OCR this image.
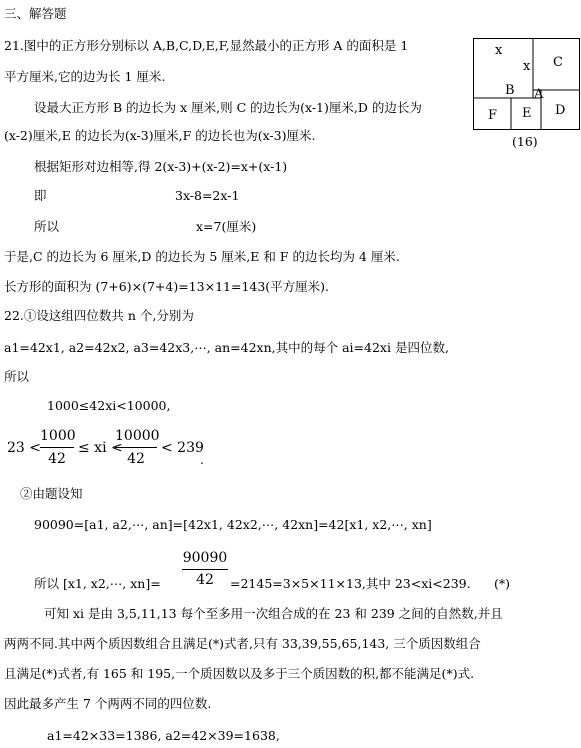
三、解答题
21.图中的正方形分别标以 A,B,C,D,E,F,显然最小的正方形 A 的面积是 1
平方厘米,它的边为长 1 厘米.
设最大正方形 B 的边长为 x 厘米,则 C 的边长为(x-1)厘米,D 的边长为
(x-2)厘米,E 的边长为(x-3)厘米,F 的边长也为(x-3)厘米.
根据矩形对边相等,得 2(x-3)+(x-2)=x+(x-1)
即	3x-8=2x-1
所以	x=7(厘米)
于是,C 的边长为 6 厘米,D 的边长为 5 厘米,E 和 F 的边长均为 4 厘米.
长方形的面积为 (7+6)×(7+4)=13×11=143(平方厘米).
x
x C
B A
F E D
(16)
22.①设这组四位数共 n 个,分别为
a1=42x1, a2=42x2, a3=42x3,⋯, an=42xn,其中的每个 ai=42xi 是四位数,
所以
1000≤42xi<10000,
23 <
1000
42
≤ xi <
10000
42
< 239
.
②由题设知
90090=[a1, a2,⋯, an]=[42x1, 42x2,⋯, 42xn]=42[x1, x2,⋯, xn]
90090
42
所以 [x1, x2,⋯, xn]=	=2145=3×5×11×13,其中 23<xi<239. (*)
可知 xi 是由 3,5,11,13 每个至多用一次组合成的在 23 和 239 之间的自然数,并且
两两不同.其中两个质因数组合且满足(*)式者,只有 33,39,55,65,143, 三个质因数组合
且满足(*)式者,有 165 和 195,一个质因数以及多于三个质因数的积,都不能满足(*)式.
因此最多产生 7 个两两不同的四位数.
a1=42×33=1386, a2=42×39=1638,
